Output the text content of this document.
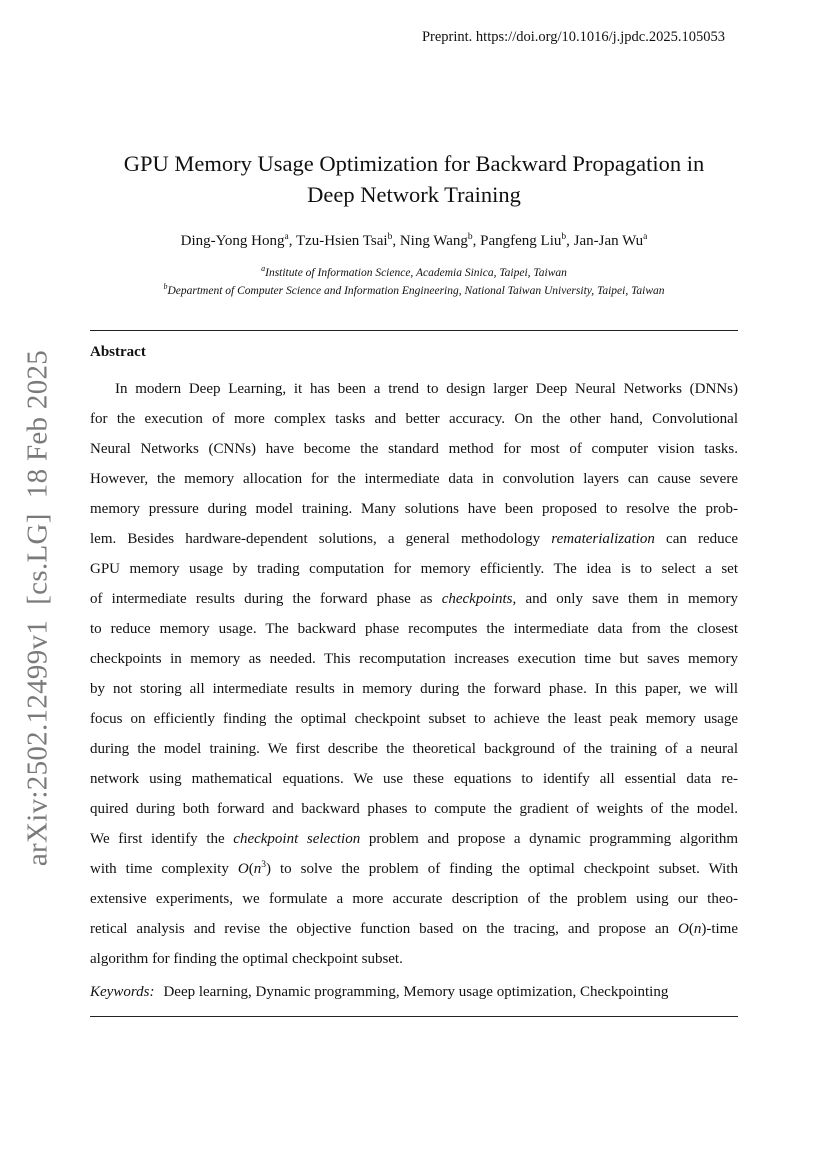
Preprint. https://doi.org/10.1016/j.jpdc.2025.105053
arXiv:2502.12499v1  [cs.LG]  18 Feb 2025
GPU Memory Usage Optimization for Backward Propagation in
Deep Network Training
Ding-Yong Hong$^a$, Tzu-Hsien Tsai$^b$, Ning Wang$^b$, Pangfeng Liu$^b$, Jan-Jan Wu$^a$
$^a$Institute of Information Science, Academia Sinica, Taipei, Taiwan
$^b$Department of Computer Science and Information Engineering, National Taiwan University, Taipei, Taiwan
Abstract
In modern Deep Learning, it has been a trend to design larger Deep Neural Networks (DNNs)
for the execution of more complex tasks and better accuracy. On the other hand, Convolutional
Neural Networks (CNNs) have become the standard method for most of computer vision tasks.
However, the memory allocation for the intermediate data in convolution layers can cause severe
memory pressure during model training. Many solutions have been proposed to resolve the prob-
lem. Besides hardware-dependent solutions, a general methodology rematerialization can reduce
GPU memory usage by trading computation for memory efficiently. The idea is to select a set
of intermediate results during the forward phase as checkpoints, and only save them in memory
to reduce memory usage. The backward phase recomputes the intermediate data from the closest
checkpoints in memory as needed. This recomputation increases execution time but saves memory
by not storing all intermediate results in memory during the forward phase. In this paper, we will
focus on efficiently finding the optimal checkpoint subset to achieve the least peak memory usage
during the model training. We first describe the theoretical background of the training of a neural
network using mathematical equations. We use these equations to identify all essential data re-
quired during both forward and backward phases to compute the gradient of weights of the model.
We first identify the checkpoint selection problem and propose a dynamic programming algorithm
with time complexity $O(n^3)$ to solve the problem of finding the optimal checkpoint subset. With
extensive experiments, we formulate a more accurate description of the problem using our theo-
retical analysis and revise the objective function based on the tracing, and propose an O(n)-time
algorithm for finding the optimal checkpoint subset.
Keywords: Deep learning, Dynamic programming, Memory usage optimization, Checkpointing
